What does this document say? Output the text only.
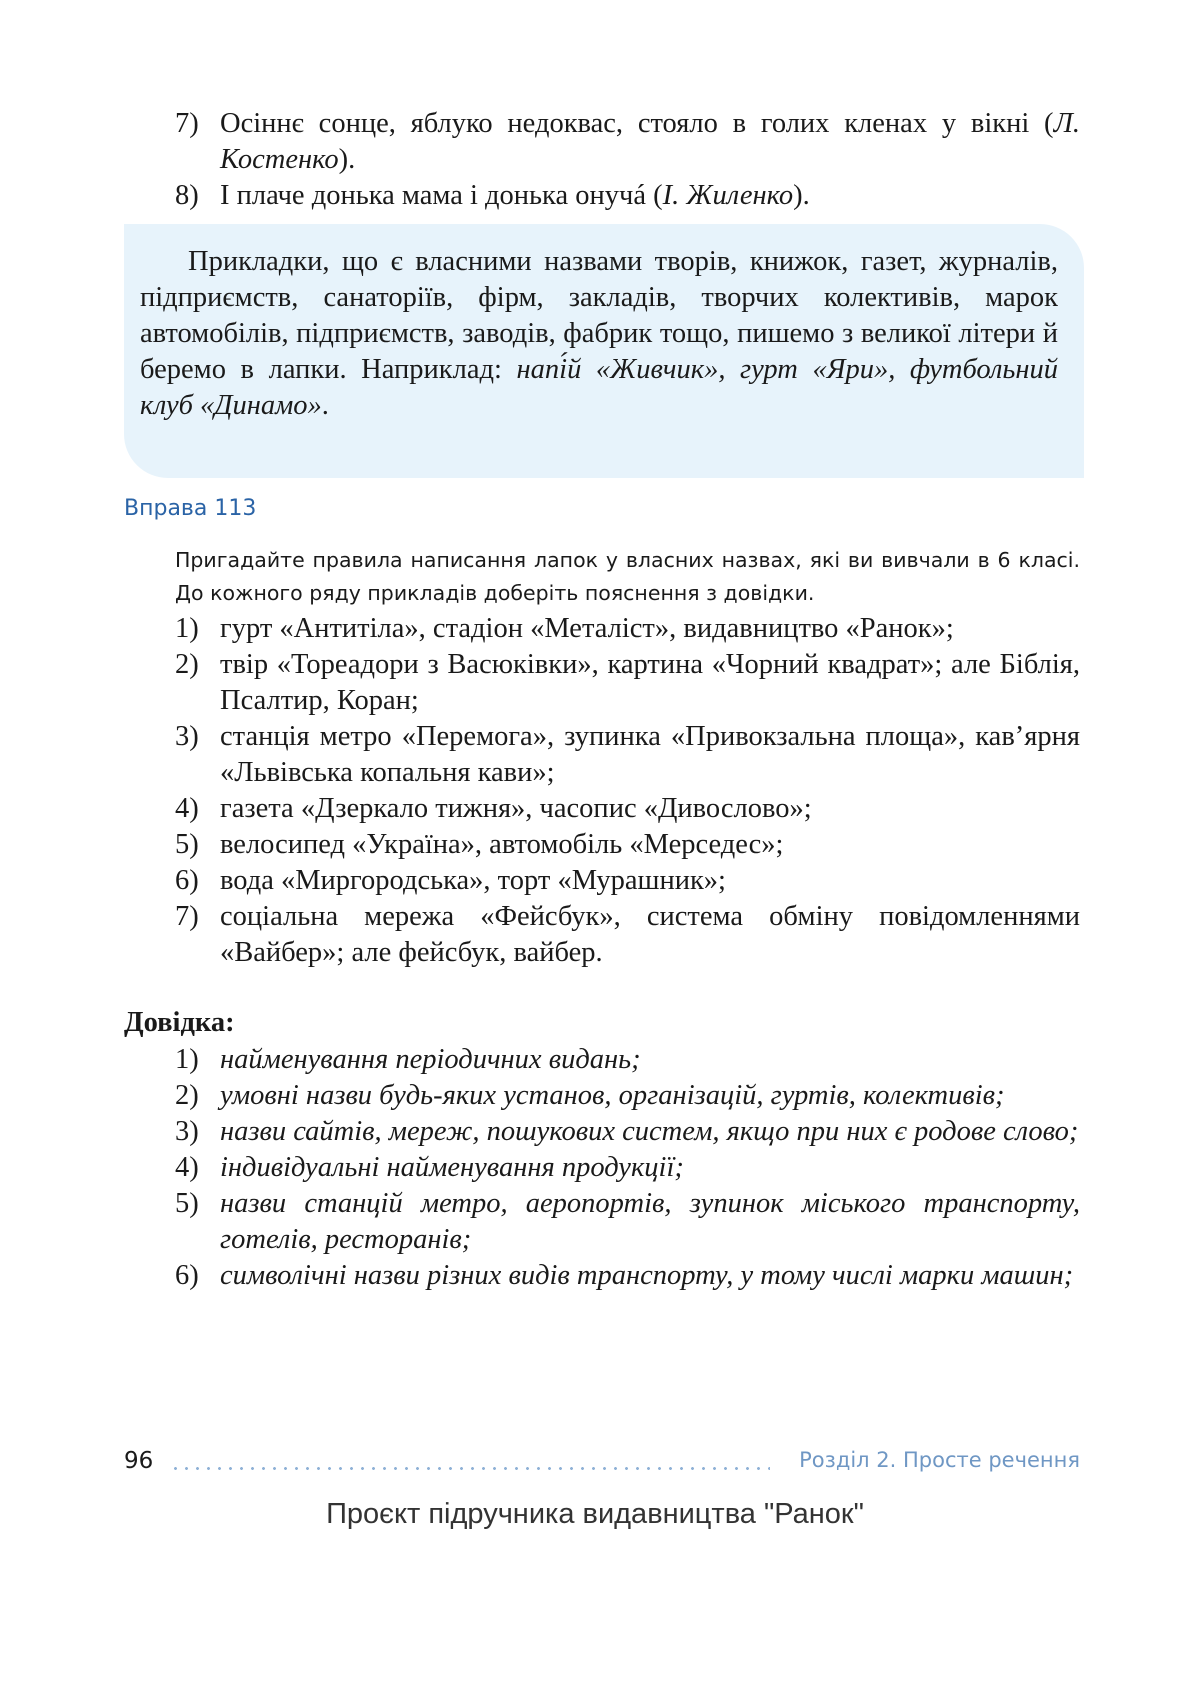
7) Осіннє сонце, яблуко недоквас, стояло в голих кленах у вікні (Л. Костенко).
8) І плаче донька мама і донька онучá (І. Жиленко).

Прикладки, що є власними назвами творів, книжок, газет, журналів, підприємств, санаторіїв, фірм, закладів, творчих колективів, марок автомобілів, підприємств, заводів, фабрик тощо, пишемо з великої літери й беремо в лапки. Наприклад: напі́й «Живчик», гурт «Яри», футбольний клуб «Динамо».

Вправа 113

Пригадайте правила написання лапок у власних назвах, які ви вивчали в 6 класі. До кожного ряду прикладів доберіть пояснення з довідки.

1) гурт «Антитіла», стадіон «Металіст», видавництво «Ранок»;
2) твір «Тореадори з Васюківки», картина «Чорний квадрат»; але Біблія, Псалтир, Коран;
3) станція метро «Перемога», зупинка «Привокзальна площа», кав’ярня «Львівська копальня кави»;
4) газета «Дзеркало тижня», часопис «Дивослово»;
5) велосипед «Україна», автомобіль «Мерседес»;
6) вода «Миргородська», торт «Мурашник»;
7) соціальна мережа «Фейсбук», система обміну повідомленнями «Вайбер»; але фейсбук, вайбер.
Довідка:
1) найменування періодичних видань;
2) умовні назви будь-яких установ, організацій, гуртів, колективів;
3) назви сайтів, мереж, пошукових систем, якщо при них є родове слово;
4) індивідуальні найменування продукції;
5) назви станцій метро, аеропортів, зупинок міського транспорту, готелів, ресторанів;
6) символічні назви різних видів транспорту, у тому числі марки машин;
96	Розділ 2. Просте речення
Проєкт підручника видавництва "Ранок"
